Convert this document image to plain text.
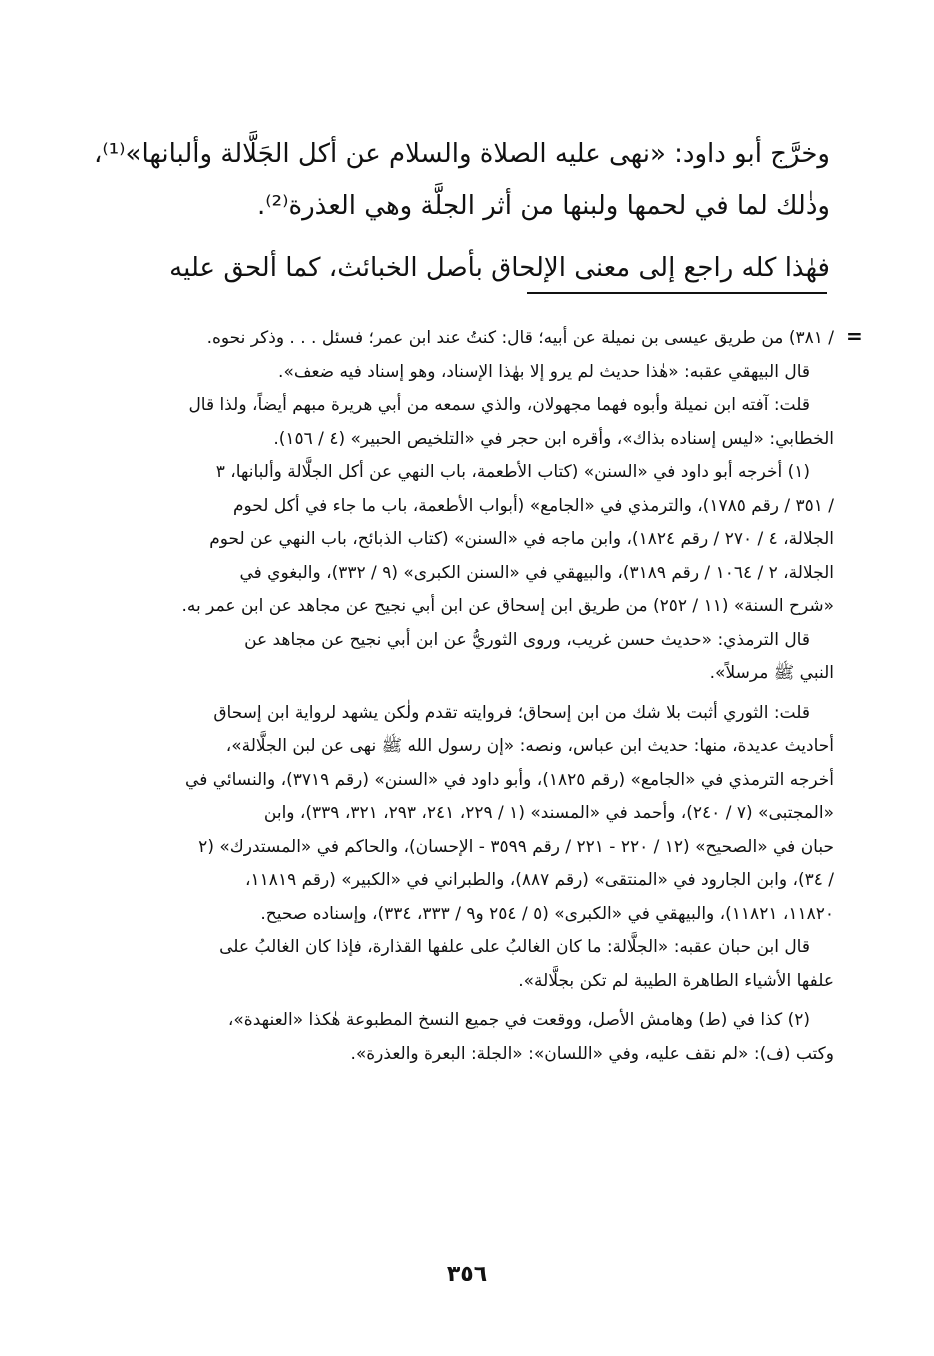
وخرَّج أبو داود: «نهى عليه الصلاة والسلام عن أكل الجَلَّالة وألبانها»⁽¹⁾،
وذٰلك لما في لحمها ولبنها من أثر الجلَّة وهي العذرة⁽²⁾.
فهٰذا كله راجع إلى معنى الإلحاق بأصل الخبائث، كما ألحق عليه
=
/ ٣٨١) من طريق عيسى بن نميلة عن أبيه؛ قال: كنتُ عند ابن عمر؛ فسئل . . . وذكر نحوه.
قال البيهقي عقبه: «هٰذا حديث لم يرو إلا بهٰذا الإسناد، وهو إسناد فيه ضعف».
قلت: آفته ابن نميلة وأبوه فهما مجهولان، والذي سمعه من أبي هريرة مبهم أيضاً، ولذا قال
الخطابي: «ليس إسناده بذاك»، وأقره ابن حجر في «التلخيص الحبير» (٤ / ١٥٦).
(١) أخرجه أبو داود في «السنن» (كتاب الأطعمة، باب النهي عن أكل الجلَّالة وألبانها، ٣
/ ٣٥١ / رقم ١٧٨٥)، والترمذي في «الجامع» (أبواب الأطعمة، باب ما جاء في أكل لحوم
الجلالة، ٤ / ٢٧٠ / رقم ١٨٢٤)، وابن ماجه في «السنن» (كتاب الذبائح، باب النهي عن لحوم
الجلالة، ٢ / ١٠٦٤ / رقم ٣١٨٩)، والبيهقي في «السنن الكبرى» (٩ / ٣٣٢)، والبغوي في
«شرح السنة» (١١ / ٢٥٢) من طريق ابن إسحاق عن ابن أبي نجيح عن مجاهد عن ابن عمر به.
قال الترمذي: «حديث حسن غريب، وروى الثوريُّ عن ابن أبي نجيح عن مجاهد عن
النبي ﷺ مرسلاً».
قلت: الثوري أثبت بلا شك من ابن إسحاق؛ فروايته تقدم ولٰكن يشهد لرواية ابن إسحاق
أحاديث عديدة، منها: حديث ابن عباس، ونصه: «إن رسول الله ﷺ نهى عن لبن الجلَّالة»،
أخرجه الترمذي في «الجامع» (رقم ١٨٢٥)، وأبو داود في «السنن» (رقم ٣٧١٩)، والنسائي في
«المجتبى» (٧ / ٢٤٠)، وأحمد في «المسند» (١ / ٢٢٩، ٢٤١، ٢٩٣، ٣٢١، ٣٣٩)، وابن
حبان في «الصحيح» (١٢ / ٢٢٠ - ٢٢١ / رقم ٣٥٩٩ - الإحسان)، والحاكم في «المستدرك» (٢
/ ٣٤)، وابن الجارود في «المنتقى» (رقم ٨٨٧)، والطبراني في «الكبير» (رقم ١١٨١٩،
١١٨٢٠، ١١٨٢١)، والبيهقي في «الكبرى» (٥ / ٢٥٤ و٩ / ٣٣٣، ٣٣٤)، وإسناده صحيح.
قال ابن حبان عقبه: «الجلَّالة: ما كان الغالبُ على علفها القذارة، فإذا كان الغالبُ على
علفها الأشياء الطاهرة الطيبة لم تكن بجلَّالة».
(٢) كذا في (ط) وهامش الأصل، ووقعت في جميع النسخ المطبوعة هٰكذا «العنهدة»،
وكتب (ف): «لم نقف عليه، وفي «اللسان»: «الجلة: البعرة والعذرة».
٣٥٦
